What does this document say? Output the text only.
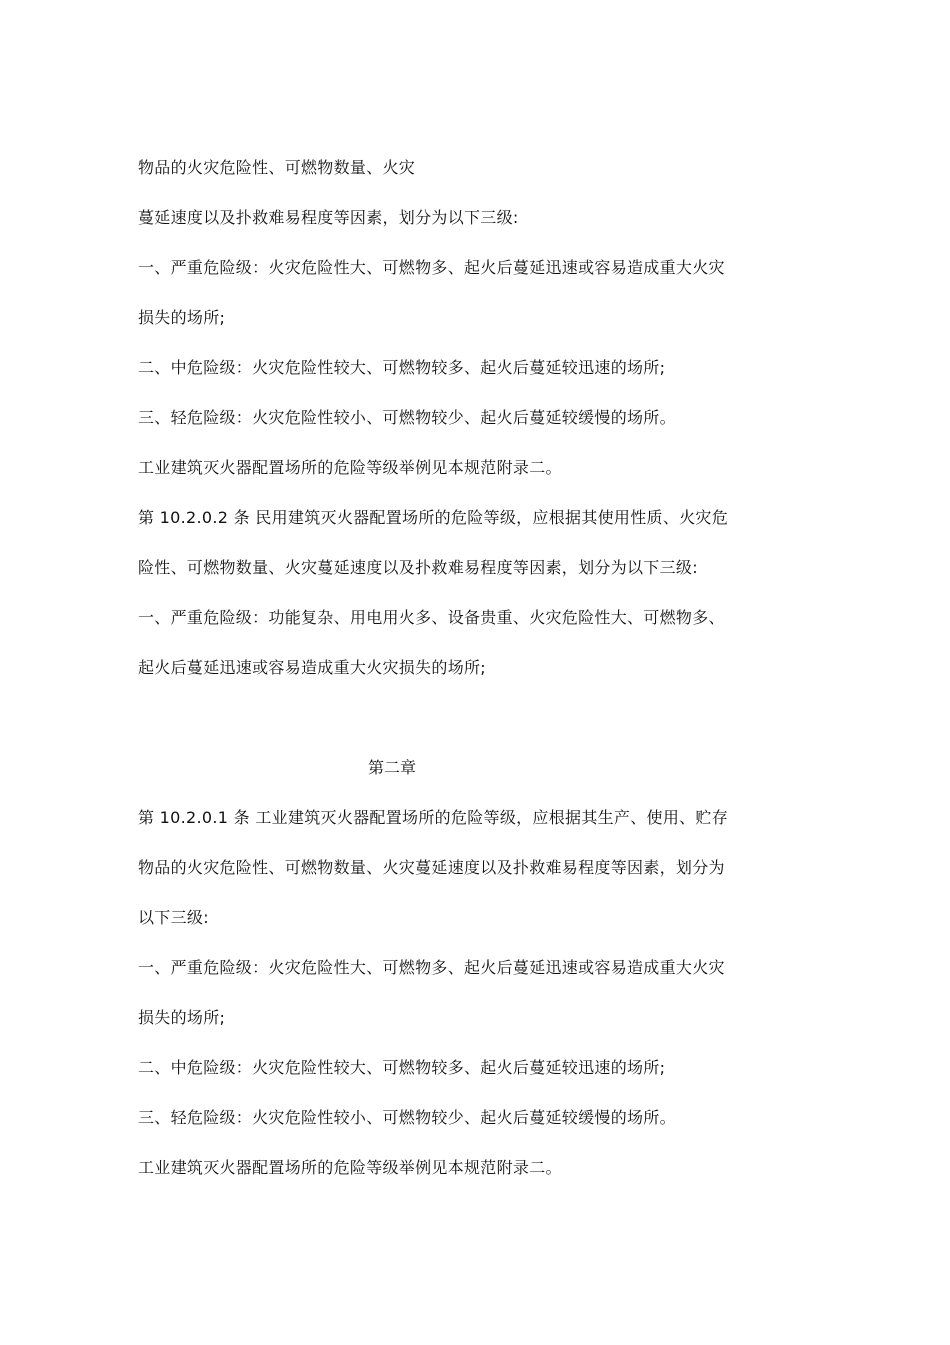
物品的火灾危险性、可燃物数量、火灾
蔓延速度以及扑救难易程度等因素，划分为以下三级:
一、严重危险级：火灾危险性大、可燃物多、起火后蔓延迅速或容易造成重大火灾
损失的场所;
二、中危险级：火灾危险性较大、可燃物较多、起火后蔓延较迅速的场所;
三、轻危险级：火灾危险性较小、可燃物较少、起火后蔓延较缓慢的场所。
工业建筑灭火器配置场所的危险等级举例见本规范附录二。
第 10.2.0.2 条 民用建筑灭火器配置场所的危险等级，应根据其使用性质、火灾危
险性、可燃物数量、火灾蔓延速度以及扑救难易程度等因素，划分为以下三级:
一、严重危险级：功能复杂、用电用火多、设备贵重、火灾危险性大、可燃物多、
起火后蔓延迅速或容易造成重大火灾损失的场所;
第二章
第 10.2.0.1 条 工业建筑灭火器配置场所的危险等级，应根据其生产、使用、贮存
物品的火灾危险性、可燃物数量、火灾蔓延速度以及扑救难易程度等因素，划分为
以下三级:
一、严重危险级：火灾危险性大、可燃物多、起火后蔓延迅速或容易造成重大火灾
损失的场所;
二、中危险级：火灾危险性较大、可燃物较多、起火后蔓延较迅速的场所;
三、轻危险级：火灾危险性较小、可燃物较少、起火后蔓延较缓慢的场所。
工业建筑灭火器配置场所的危险等级举例见本规范附录二。
